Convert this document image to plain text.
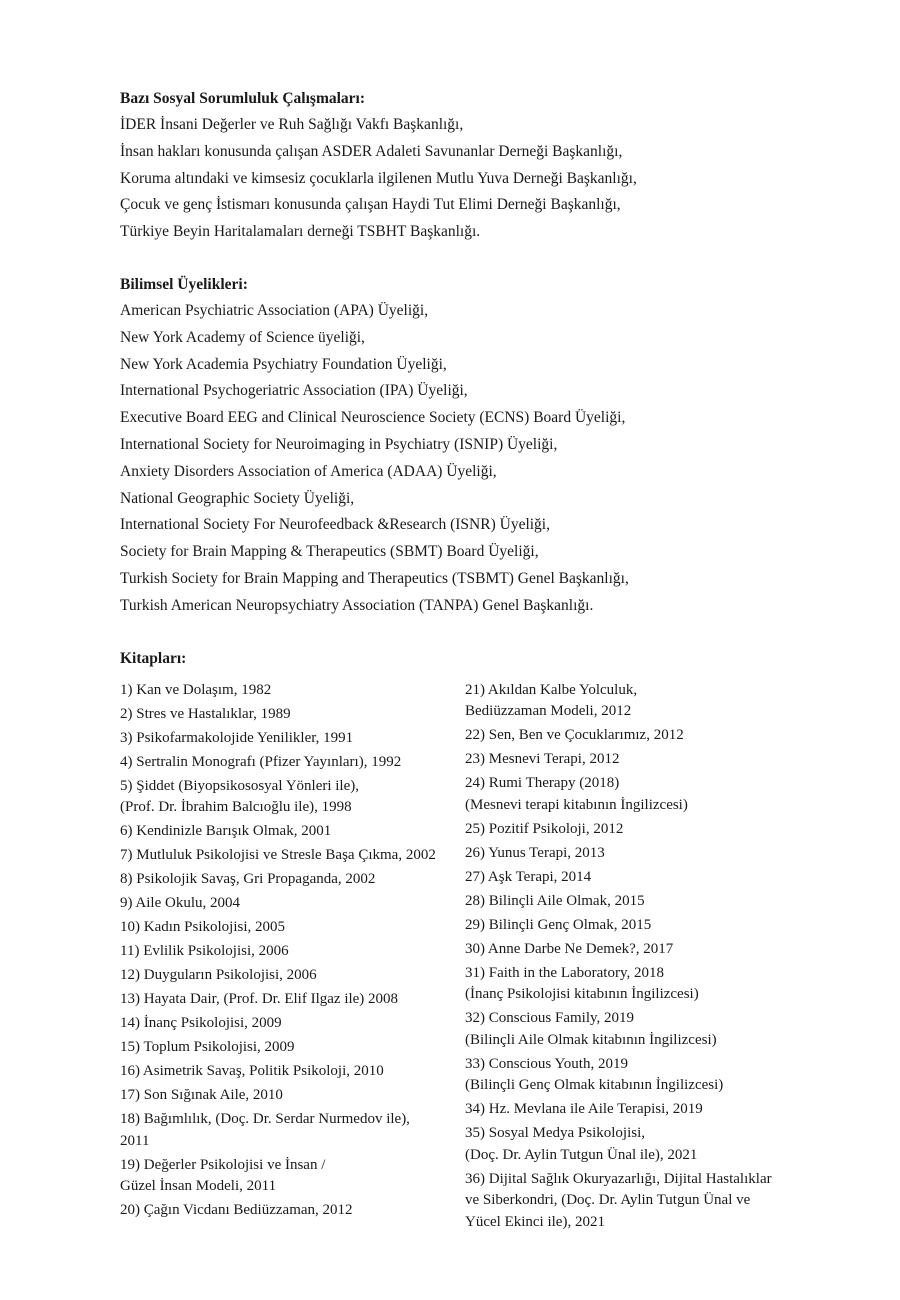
Bazı Sosyal Sorumluluk Çalışmaları:

İDER İnsani Değerler ve Ruh Sağlığı Vakfı Başkanlığı,

İnsan hakları konusunda çalışan ASDER Adaleti Savunanlar Derneği Başkanlığı,

Koruma altındaki ve kimsesiz çocuklarla ilgilenen Mutlu Yuva Derneği Başkanlığı,

Çocuk ve genç İstismarı konusunda çalışan Haydi Tut Elimi Derneği Başkanlığı,

Türkiye Beyin Haritalamaları derneği TSBHT Başkanlığı.

Bilimsel Üyelikleri:

American Psychiatric Association (APA) Üyeliği,

New York Academy of Science üyeliği,

New York Academia Psychiatry Foundation Üyeliği,

International Psychogeriatric Association (IPA) Üyeliği,

Executive Board EEG and Clinical Neuroscience Society (ECNS) Board Üyeliği,

International Society for Neuroimaging in Psychiatry (ISNIP) Üyeliği,

Anxiety Disorders Association of America (ADAA) Üyeliği,

National Geographic Society Üyeliği,

International Society For Neurofeedback &Research (ISNR) Üyeliği,

Society for Brain Mapping & Therapeutics (SBMT) Board Üyeliği,

Turkish Society for Brain Mapping and Therapeutics (TSBMT) Genel Başkanlığı,

Turkish American Neuropsychiatry Association (TANPA) Genel Başkanlığı.

Kitapları:

1) Kan ve Dolaşım, 1982

2) Stres ve Hastalıklar, 1989

3) Psikofarmakolojide Yenilikler, 1991

4) Sertralin Monografı (Pfizer Yayınları), 1992

5) Şiddet (Biyopsikososyal Yönleri ile),
(Prof. Dr. İbrahim Balcıoğlu ile), 1998

6) Kendinizle Barışık Olmak, 2001

7) Mutluluk Psikolojisi ve Stresle Başa Çıkma, 2002

8) Psikolojik Savaş, Gri Propaganda, 2002

9) Aile Okulu, 2004

10) Kadın Psikolojisi, 2005

11) Evlilik Psikolojisi, 2006

12) Duyguların Psikolojisi, 2006

13) Hayata Dair, (Prof. Dr. Elif Ilgaz ile) 2008

14) İnanç Psikolojisi, 2009

15) Toplum Psikolojisi, 2009

16) Asimetrik Savaş, Politik Psikoloji, 2010

17) Son Sığınak Aile, 2010

18) Bağımlılık, (Doç. Dr. Serdar Nurmedov ile),
2011

19) Değerler Psikolojisi ve İnsan /
Güzel İnsan Modeli, 2011

20) Çağın Vicdanı Bediüzzaman, 2012

21) Akıldan Kalbe Yolculuk,
Bediüzzaman Modeli, 2012

22) Sen, Ben ve Çocuklarımız, 2012

23) Mesnevi Terapi, 2012

24) Rumi Therapy (2018)
(Mesnevi terapi kitabının İngilizcesi)

25) Pozitif Psikoloji, 2012

26) Yunus Terapi, 2013

27) Aşk Terapi, 2014

28) Bilinçli Aile Olmak, 2015

29) Bilinçli Genç Olmak, 2015

30) Anne Darbe Ne Demek?, 2017

31) Faith in the Laboratory, 2018
(İnanç Psikolojisi kitabının İngilizcesi)

32) Conscious Family, 2019
(Bilinçli Aile Olmak kitabının İngilizcesi)

33) Conscious Youth, 2019
(Bilinçli Genç Olmak kitabının İngilizcesi)

34) Hz. Mevlana ile Aile Terapisi, 2019

35) Sosyal Medya Psikolojisi,
(Doç. Dr. Aylin Tutgun Ünal ile), 2021

36) Dijital Sağlık Okuryazarlığı, Dijital Hastalıklar
ve Siberkondri, (Doç. Dr. Aylin Tutgun Ünal ve
Yücel Ekinci ile), 2021
